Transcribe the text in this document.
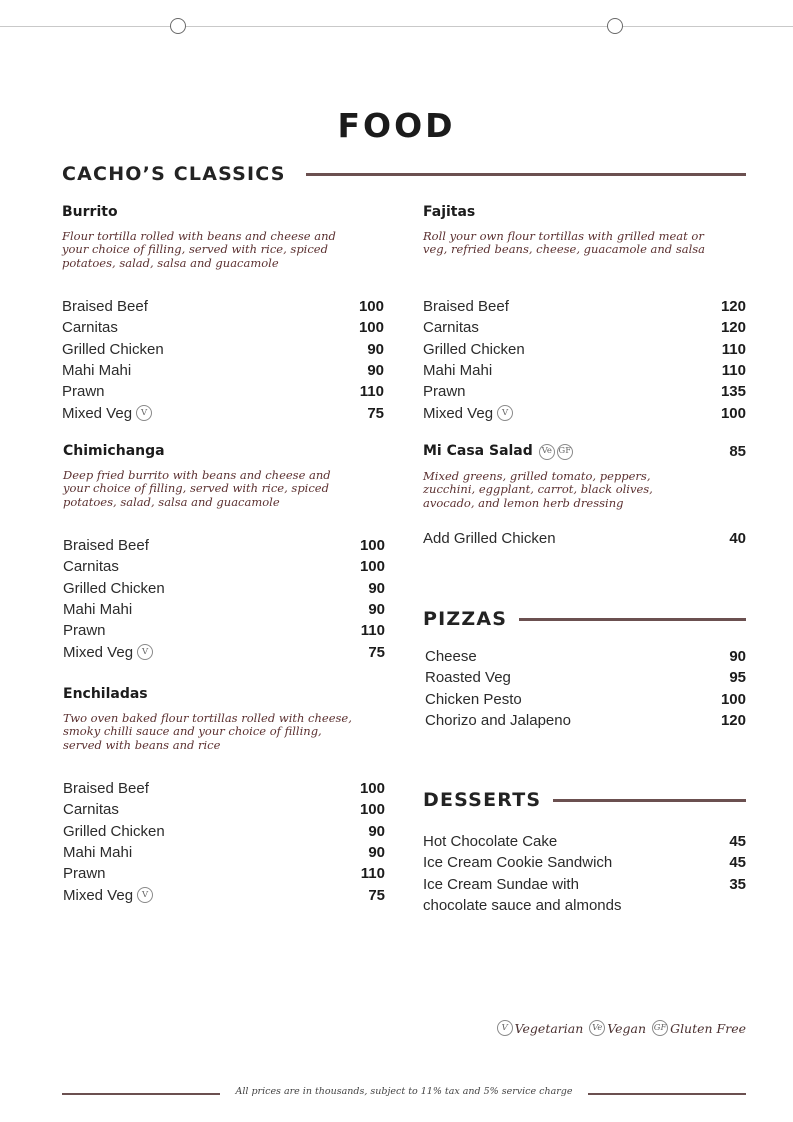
FOOD
CACHO’S CLASSICS
Burrito
Flour tortilla rolled with beans and cheese and your choice of filling, served with rice, spiced potatoes, salad, salsa and guacamole
Braised Beef	100
Carnitas	100
Grilled Chicken	90
Mahi Mahi	90
Prawn	110
Mixed Veg	V	75
Fajitas
Roll your own flour tortillas with grilled meat or veg, refried beans, cheese, guacamole and salsa
Braised Beef	120
Carnitas	120
Grilled Chicken	110
Mahi Mahi	110
Prawn	135
Mixed Veg	V	100
Chimichanga
Deep fried burrito with beans and cheese and your choice of filling, served with rice, spiced potatoes, salad, salsa and guacamole
Braised Beef	100
Carnitas	100
Grilled Chicken	90
Mahi Mahi	90
Prawn	110
Mixed Veg	V	75
Mi Casa Salad	Ve GF	85
Mixed greens, grilled tomato, peppers, zucchini, eggplant, carrot, black olives, avocado, and lemon herb dressing
Add Grilled Chicken	40
PIZZAS
Cheese	90
Roasted Veg	95
Chicken Pesto	100
Chorizo and Jalapeno	120
Enchiladas
Two oven baked flour tortillas rolled with cheese, smoky chilli sauce and your choice of filling, served with beans and rice
Braised Beef	100
Carnitas	100
Grilled Chicken	90
Mahi Mahi	90
Prawn	110
Mixed Veg	V	75
DESSERTS
Hot Chocolate Cake	45
Ice Cream Cookie Sandwich	45
Ice Cream Sundae with	35
chocolate sauce and almonds
V Vegetarian	Ve Vegan GF Gluten Free
All prices are in thousands, subject to 11% tax and 5% service charge
